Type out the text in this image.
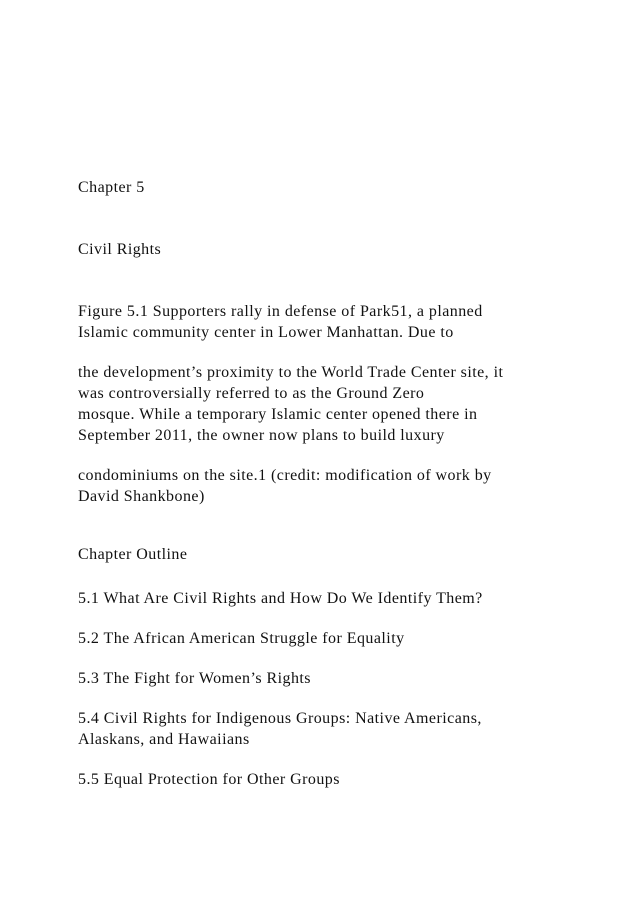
Chapter 5
Civil Rights
Figure 5.1 Supporters rally in defense of Park51, a planned
Islamic community center in Lower Manhattan. Due to
the development’s proximity to the World Trade Center site, it
was controversially referred to as the Ground Zero
mosque. While a temporary Islamic center opened there in
September 2011, the owner now plans to build luxury
condominiums on the site.1 (credit: modification of work by
David Shankbone)
Chapter Outline
5.1 What Are Civil Rights and How Do We Identify Them?
5.2 The African American Struggle for Equality
5.3 The Fight for Women’s Rights
5.4 Civil Rights for Indigenous Groups: Native Americans,
Alaskans, and Hawaiians
5.5 Equal Protection for Other Groups
